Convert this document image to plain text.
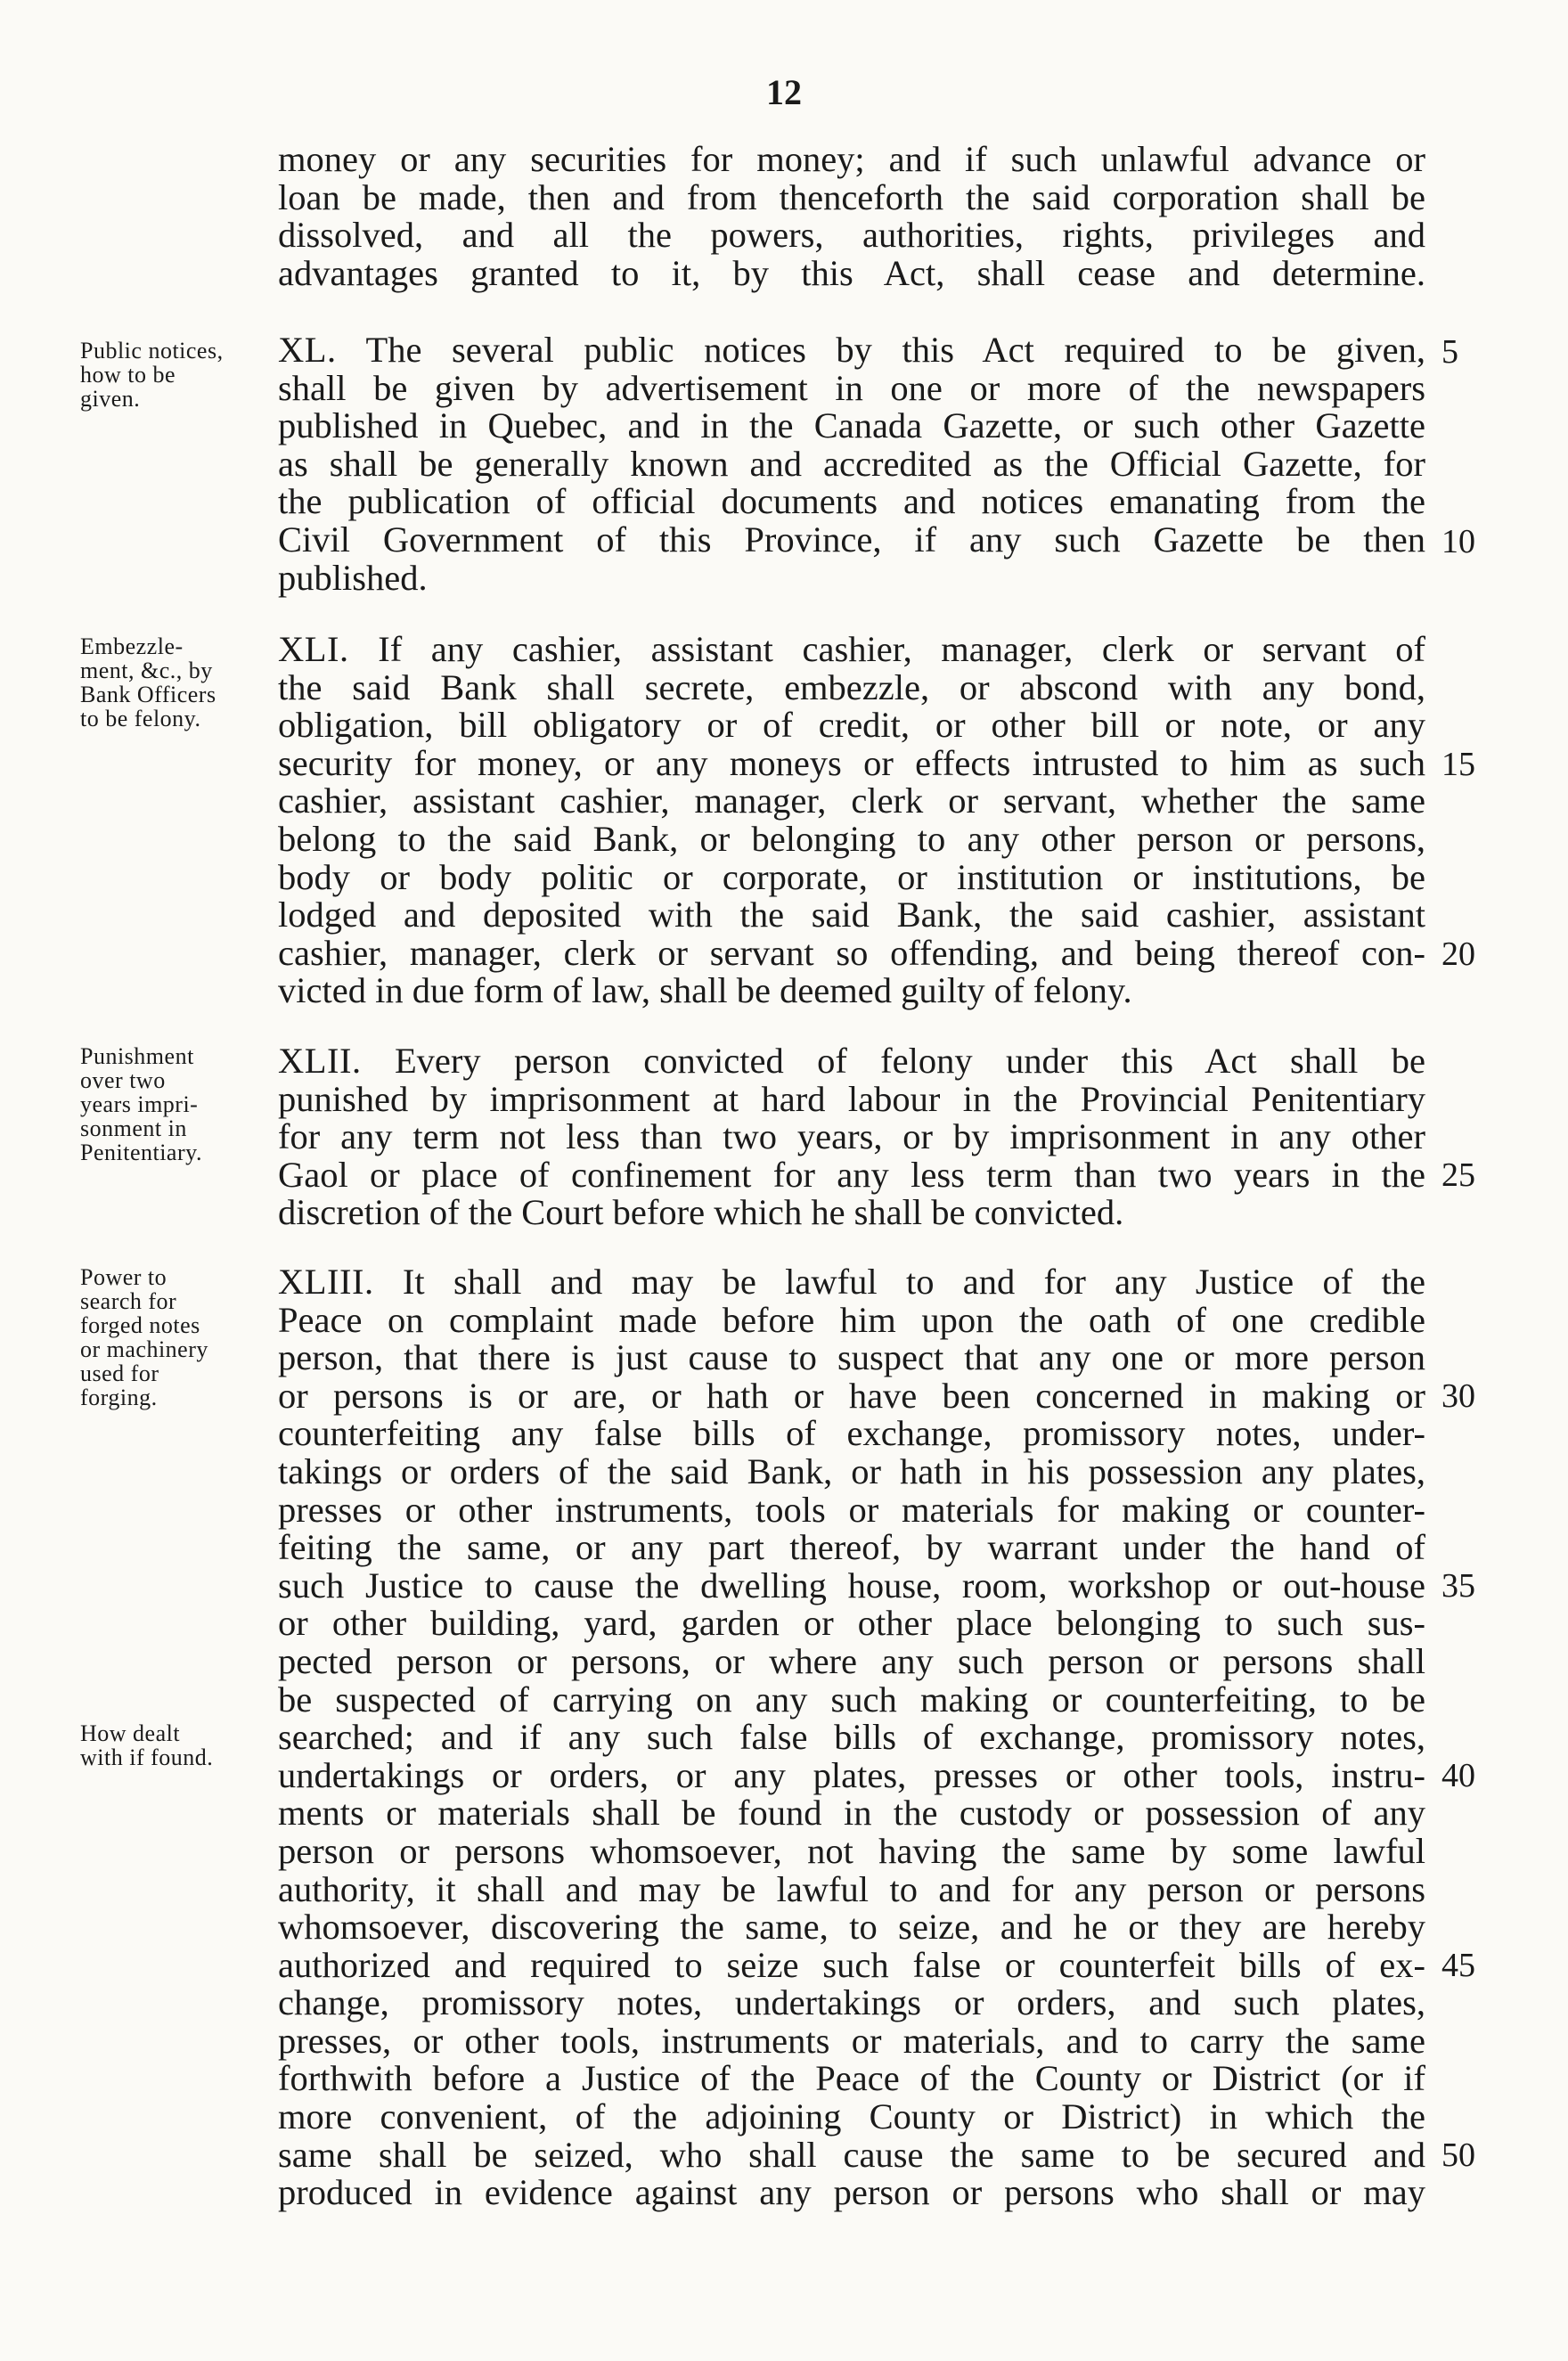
12
money or any securities for money; and if such unlawful advance or
loan be made, then and from thenceforth the said corporation shall be
dissolved, and all the powers, authorities, rights, privileges and
advantages granted to it, by this Act, shall cease and determine.
XL. The several public notices by this Act required to be given,
shall be given by advertisement in one or more of the newspapers
published in Quebec, and in the Canada Gazette, or such other Gazette
as shall be generally known and accredited as the Official Gazette, for
the publication of official documents and notices emanating from the
Civil Government of this Province, if any such Gazette be then
published.
XLI. If any cashier, assistant cashier, manager, clerk or servant of
the said Bank shall secrete, embezzle, or abscond with any bond,
obligation, bill obligatory or of credit, or other bill or note, or any
security for money, or any moneys or effects intrusted to him as such
cashier, assistant cashier, manager, clerk or servant, whether the same
belong to the said Bank, or belonging to any other person or persons,
body or body politic or corporate, or institution or institutions, be
lodged and deposited with the said Bank, the said cashier, assistant
cashier, manager, clerk or servant so offending, and being thereof con-
victed in due form of law, shall be deemed guilty of felony.
XLII. Every person convicted of felony under this Act shall be
punished by imprisonment at hard labour in the Provincial Penitentiary
for any term not less than two years, or by imprisonment in any other
Gaol or place of confinement for any less term than two years in the
discretion of the Court before which he shall be convicted.
XLIII. It shall and may be lawful to and for any Justice of the
Peace on complaint made before him upon the oath of one credible
person, that there is just cause to suspect that any one or more person
or persons is or are, or hath or have been concerned in making or
counterfeiting any false bills of exchange, promissory notes, under-
takings or orders of the said Bank, or hath in his possession any plates,
presses or other instruments, tools or materials for making or counter-
feiting the same, or any part thereof, by warrant under the hand of
such Justice to cause the dwelling house, room, workshop or out-house
or other building, yard, garden or other place belonging to such sus-
pected person or persons, or where any such person or persons shall
be suspected of carrying on any such making or counterfeiting, to be
searched; and if any such false bills of exchange, promissory notes,
undertakings or orders, or any plates, presses or other tools, instru-
ments or materials shall be found in the custody or possession of any
person or persons whomsoever, not having the same by some lawful
authority, it shall and may be lawful to and for any person or persons
whomsoever, discovering the same, to seize, and he or they are hereby
authorized and required to seize such false or counterfeit bills of ex-
change, promissory notes, undertakings or orders, and such plates,
presses, or other tools, instruments or materials, and to carry the same
forthwith before a Justice of the Peace of the County or District (or if
more convenient, of the adjoining County or District) in which the
same shall be seized, who shall cause the same to be secured and
produced in evidence against any person or persons who shall or may
Public notices,
how to be
given.
Embezzle-
ment, &c., by
Bank Officers
to be felony.
Punishment
over two
years impri-
sonment in
Penitentiary.
Power to
search for
forged notes
or machinery
used for
forging.
How dealt
with if found.
5
10
15
20
25
30
35
40
45
50
